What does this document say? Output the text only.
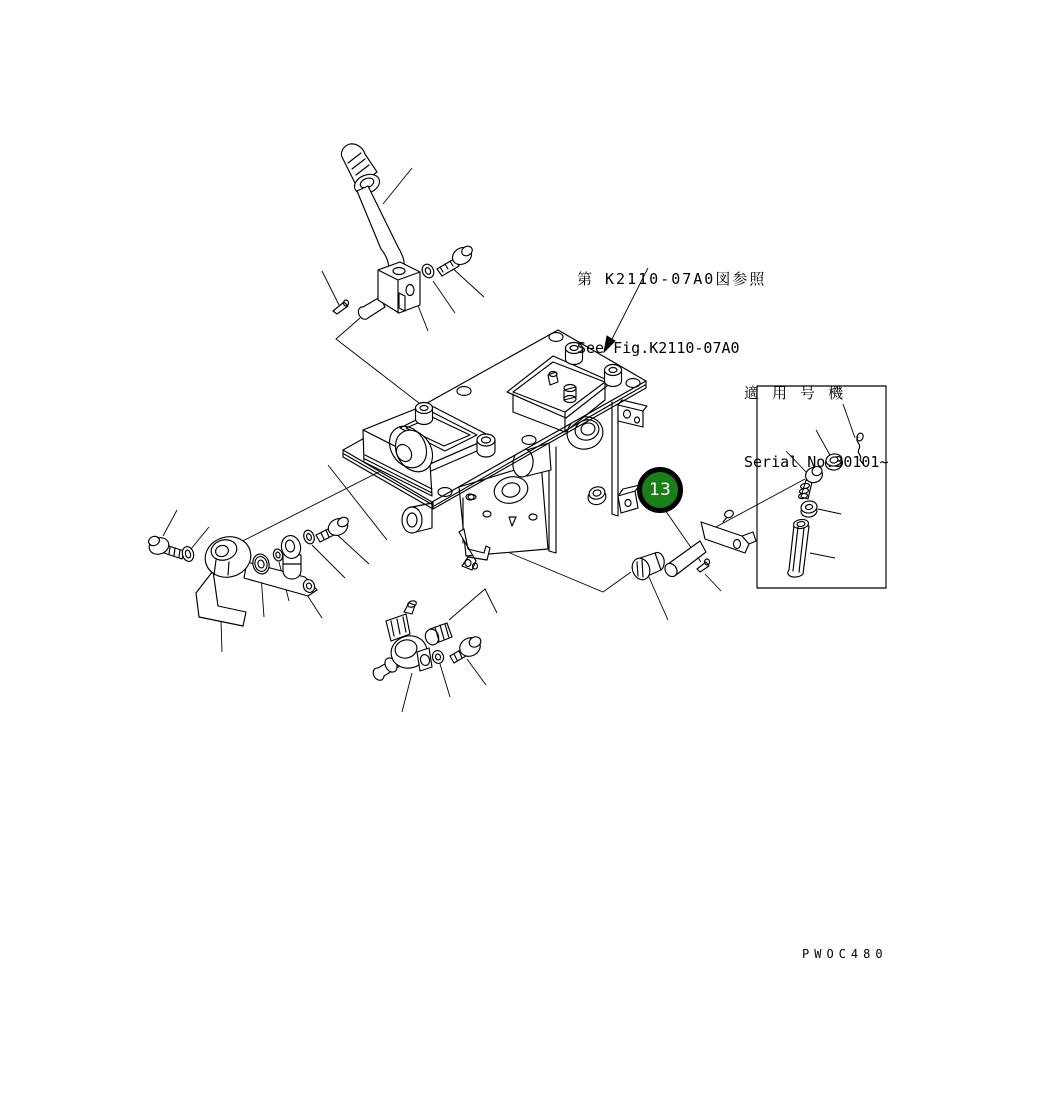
第 K2110-07A0図参照

See Fig.K2110-07A0

適 用 号 機

Serial No.30101~

13
PWOC480
